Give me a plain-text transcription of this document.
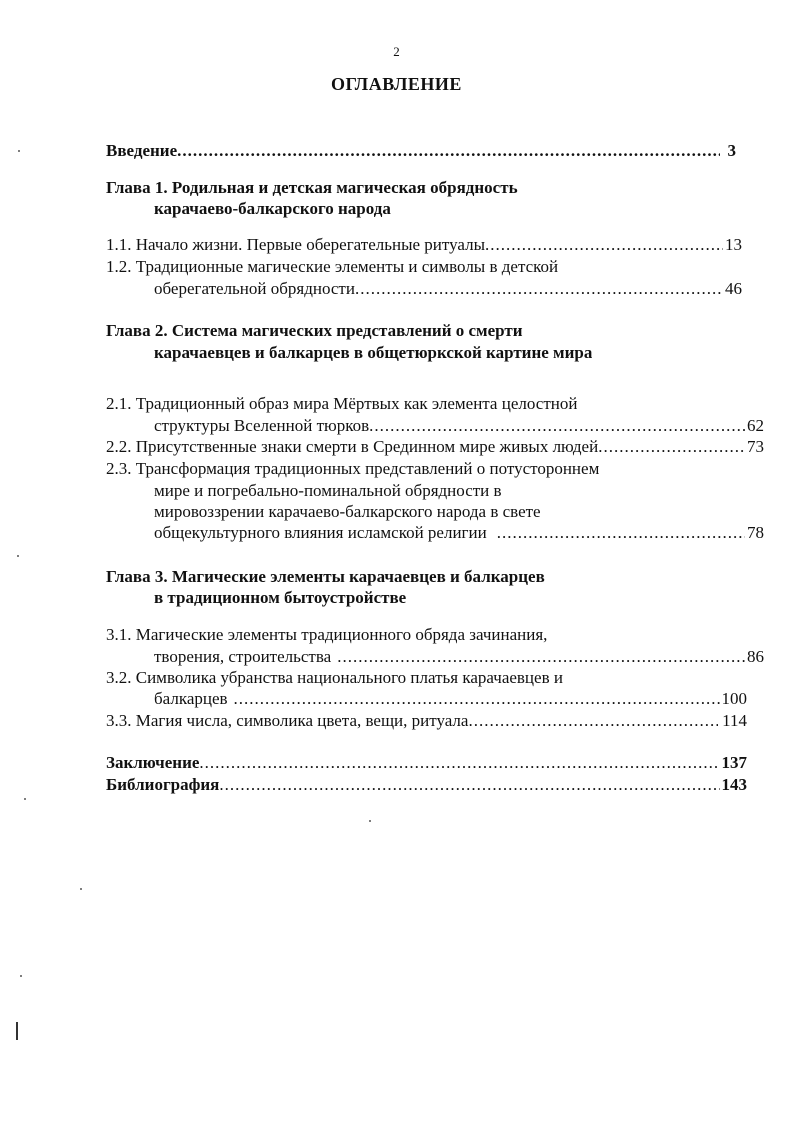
2
ОГЛАВЛЕНИЕ
Введение .....	3
Глава 1. Родильная и детская магическая обрядность
карачаево-балкарского народа
1.1. Начало жизни. Первые оберегательные ритуалы .....	13
1.2. Традиционные магические элементы и символы в детской
оберегательной обрядности .....	46
Глава 2. Система магических представлений о смерти
карачаевцев и балкарцев в общетюркской картине мира
2.1. Традиционный образ мира Мёртвых как элемента целостной
структуры Вселенной тюрков .....	62
2.2. Присутственные знаки смерти в Срединном мире живых людей .....	73
2.3. Трансформация традиционных представлений о потустороннем
мире и погребально-поминальной обрядности в
мировоззрении карачаево-балкарского народа в свете
общекультурного влияния исламской религии .....	78
Глава 3. Магические элементы карачаевцев и балкарцев
в традиционном бытоустройстве
3.1. Магические элементы традиционного обряда зачинания,
творения, строительства .....	86
3.2. Символика убранства национального платья карачаевцев и
балкарцев .....	100
3.3. Магия числа, символика цвета, вещи, ритуала .....	114
Заключение .....	137
Библиография .....	143
